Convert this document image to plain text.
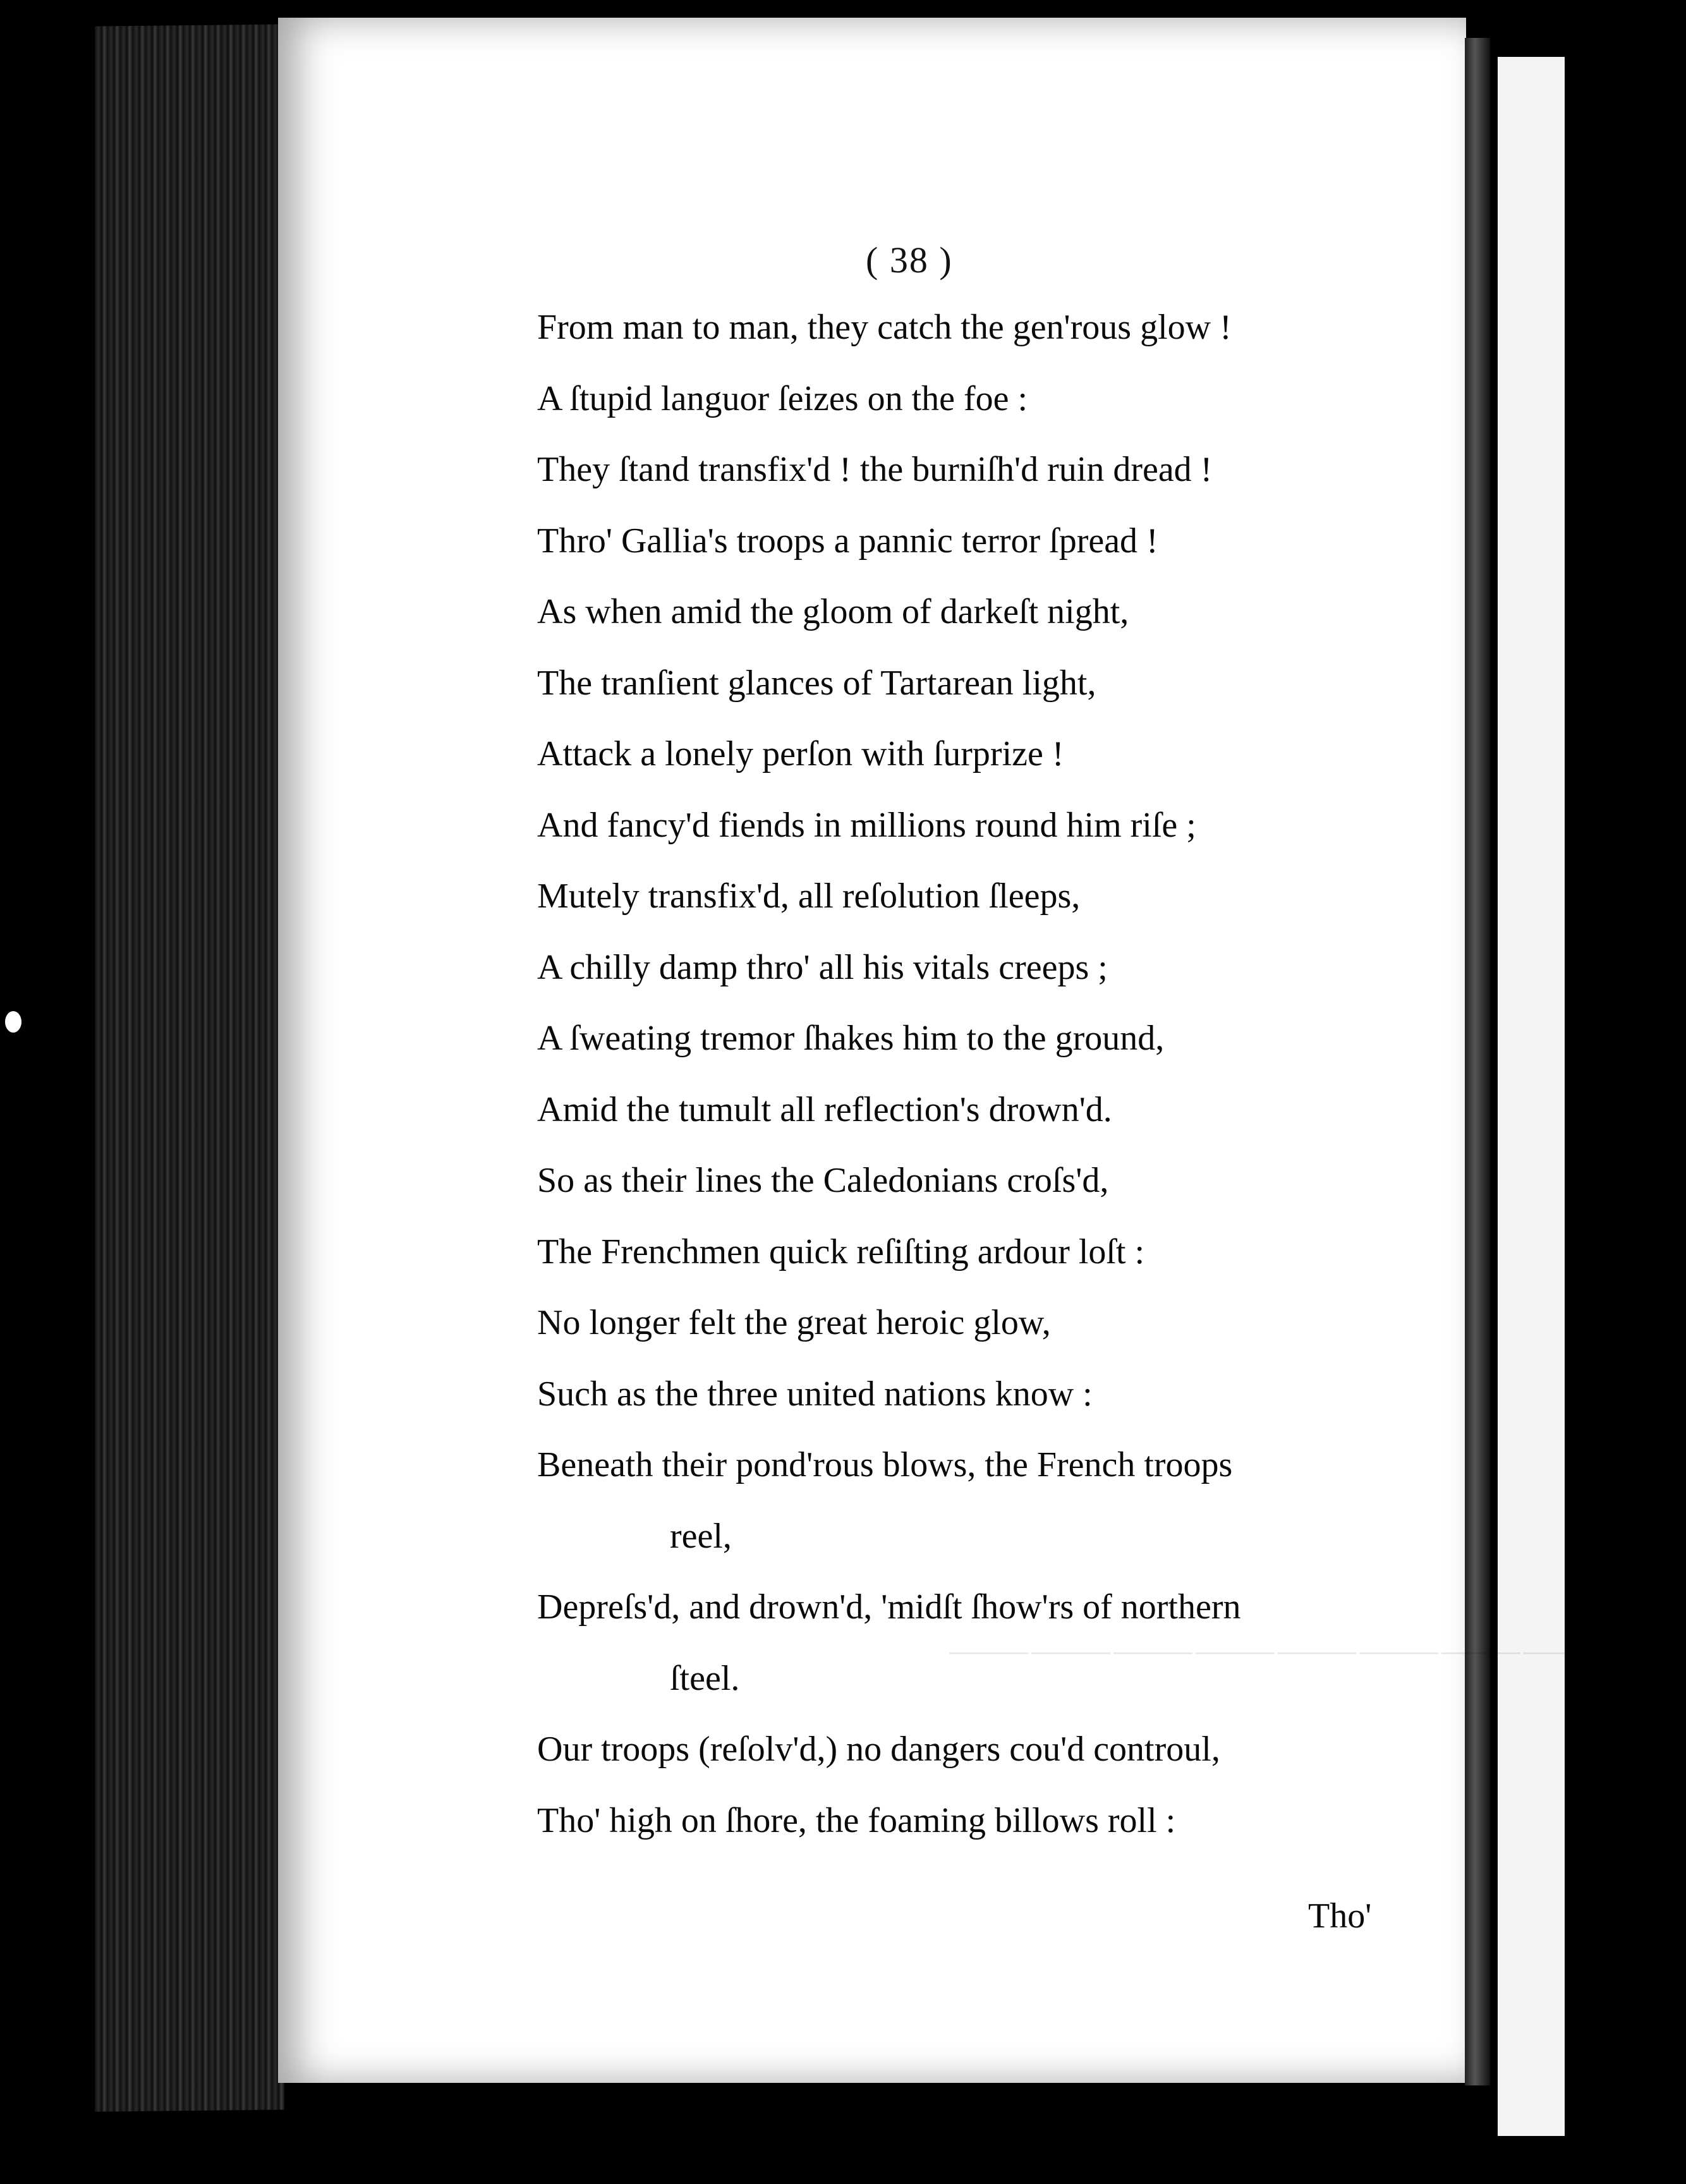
⸻⸻⸻⸻⸻⸻⸻⸻⸻
( 38 )
From man to man, they catch the gen'rous glow !
A ſtupid languor ſeizes on the foe :
They ſtand transfix'd ! the burniſh'd ruin dread !
Thro' Gallia's troops a pannic terror ſpread !
As when amid the gloom of darkeſt night,
The tranſient glances of Tartarean light,
Attack a lonely perſon with ſurprize !
And fancy'd fiends in millions round him riſe ;
Mutely transfix'd, all reſolution ſleeps,
A chilly damp thro' all his vitals creeps ;
A ſweating tremor ſhakes him to the ground,
Amid the tumult all reflection's drown'd.
So as their lines the Caledonians croſs'd,
The Frenchmen quick reſiſting ardour loſt :
No longer felt the great heroic glow,
Such as the three united nations know :
Beneath their pond'rous blows, the French troops
reel,
Depreſs'd, and drown'd, 'midſt ſhow'rs of northern
ſteel.
Our troops (reſolv'd,) no dangers cou'd controul,
Tho' high on ſhore, the foaming billows roll :
Tho'
